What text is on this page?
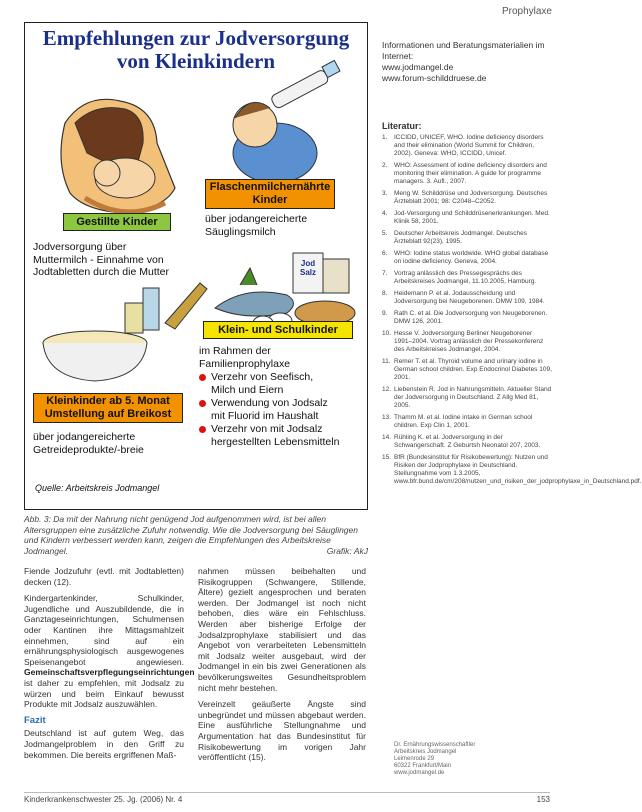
Prophylaxe
Empfehlungen zur Jodversorgung
von Kleinkindern
Gestillte Kinder
Jodversorgung über
Muttermilch - Einnahme von
Jodtabletten durch die Mutter
Flaschenmilchernährte
Kinder
über jodangereicherte
Säuglingsmilch
Jod Salz
Klein- und Schulkinder
im Rahmen der
Familienprophylaxe
Verzehr von Seefisch,
Milch und Eiern
Verwendung von Jodsalz
mit Fluorid im Haushalt
Verzehr von mit Jodsalz
hergestellten Lebensmitteln
Kleinkinder ab 5. Monat
Umstellung auf Breikost
über jodangereicherte
Getreideprodukte/-breie
Quelle: Arbeitskreis Jodmangel
Abb. 3: Da mit der Nahrung nicht genügend Jod aufgenommen wird, ist bei allen Altersgruppen eine zusätzliche Zufuhr notwendig. Wie die Jodversorgung bei Säuglingen und Kindern verbessert werden kann, zeigen die Empfehlungen des Arbeitskreise Jodmangel.	Grafik: AkJ

Fiende Jodzufuhr (evtl. mit Jodtabletten) decken (12).

Kindergartenkinder, Schulkinder, Jugendliche und Auszubildende, die in Ganztageseinrichtungen, Schulmensen oder Kantinen ihre Mittagsmahlzeit einnehmen, sind auf ein ernährungsphysiologisch ausgewogenes Speisenangebot angewiesen. Gemeinschaftsverpflegungseinrichtungen ist daher zu empfehlen, mit Jodsalz zu würzen und beim Einkauf bewusst Produkte mit Jodsalz auszuwählen.

Fazit

Deutschland ist auf gutem Weg, das Jodmangelproblem in den Griff zu bekommen. Die bereits ergriffenen Maß-

nahmen müssen beibehalten und Risikogruppen (Schwangere, Stillende, Ältere) gezielt angesprochen und beraten werden. Der Jodmangel ist noch nicht behoben, dies wäre ein Fehlschluss. Werden aber bisherige Erfolge der Jodsalzprophylaxe stabilisiert und das Angebot von verarbeiteten Lebensmitteln mit Jodsalz weiter ausgebaut, wird der Jodmangel in ein bis zwei Generationen als bevölkerungsweites Gesundheitsproblem nicht mehr bestehen.

Vereinzelt geäußerte Ängste sind unbegründet und müssen abgebaut werden. Eine ausführliche Stellungnahme und Argumentation hat das Bundesinstitut für Risikobewertung im vorigen Jahr veröffentlicht (15).

Informationen und Beratungsmaterialien im Internet:
www.jodmangel.de
www.forum-schilddruese.de
Literatur:
1. ICCIDD, UNICEF, WHO. Iodine deficiency disorders and their elimination (World Summit for Children, 2002). Geneva: WHO, ICCIDD, Unicef.
2. WHO: Assessment of iodine deficiency disorders and monitoring their elimination. A guide for programme managers. 3. Aufl., 2007.
3. Meng W. Schilddrüse und Jodversorgung. Deutsches Ärzteblatt 2001; 98: C2048–C2052.
4. Jod-Versorgung und Schilddrüsenerkrankungen. Med. Klinik 58, 2001.
5. Deutscher Arbeitskreis Jodmangel. Deutsches Ärzteblatt 92(23), 1995.
6. WHO: Iodine status worldwide. WHO global database on iodine deficiency. Geneva, 2004.
7. Vortrag anlässlich des Pressegesprächs des Arbeitskreises Jodmangel, 11.10.2005, Hamburg.
8. Heidemann P. et al. Jodausscheidung und Jodversorgung bei Neugeborenen. DMW 109, 1984.
9. Rath C. et al. Die Jodversorgung von Neugeborenen. DMW 126, 2001.
10. Hesse V. Jodversorgung Berliner Neugeborener 1991–2004. Vortrag anlässlich der Pressekonferenz des Arbeitskreises Jodmangel, 2004.
11. Remer T. et al. Thyroid volume and urinary iodine in German school children. Exp Endocrinol Diabetes 109, 2001.
12. Liebenstein R. Jod in Nahrungsmitteln. Aktueller Stand der Jodversorgung in Deutschland. Z Allg Med 81, 2005.
13. Thamm M. et al. Iodine intake in German school children. Exp Clin 1, 2001.
14. Rühling K. et al. Jodversorgung in der Schwangerschaft. Z Geburtsh Neonatol 207, 2003.
15. BfR (Bundesinstitut für Risikobewertung): Nutzen und Risiken der Jodprophylaxe in Deutschland. Stellungnahme vom 1.3.2005, www.bfr.bund.de/cm/208/nutzen_und_risiken_der_jodprophylaxe_in_Deutschland.pdf.
Dr. Ernährungswissenschaftler
Arbeitskreis Jodmangel
Leimenrode 29
60322 Frankfurt/Main
www.jodmangel.de
Kinderkrankenschwester 25. Jg. (2006) Nr. 4	153
